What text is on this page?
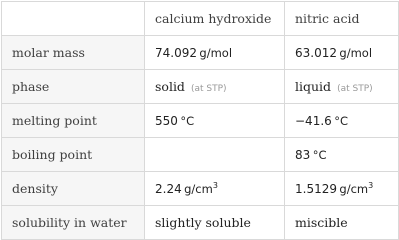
	calcium hydroxide	nitric acid
molar mass	74.092  g/mol	63.012  g/mol
phase	solid (at STP)	liquid (at STP)
melting point	550  °C	−41.6  °C
boiling point		83  °C
density	2.24  $g/cm^3$	1.5129  $g/cm^3$
solubility in water	slightly soluble	miscible
